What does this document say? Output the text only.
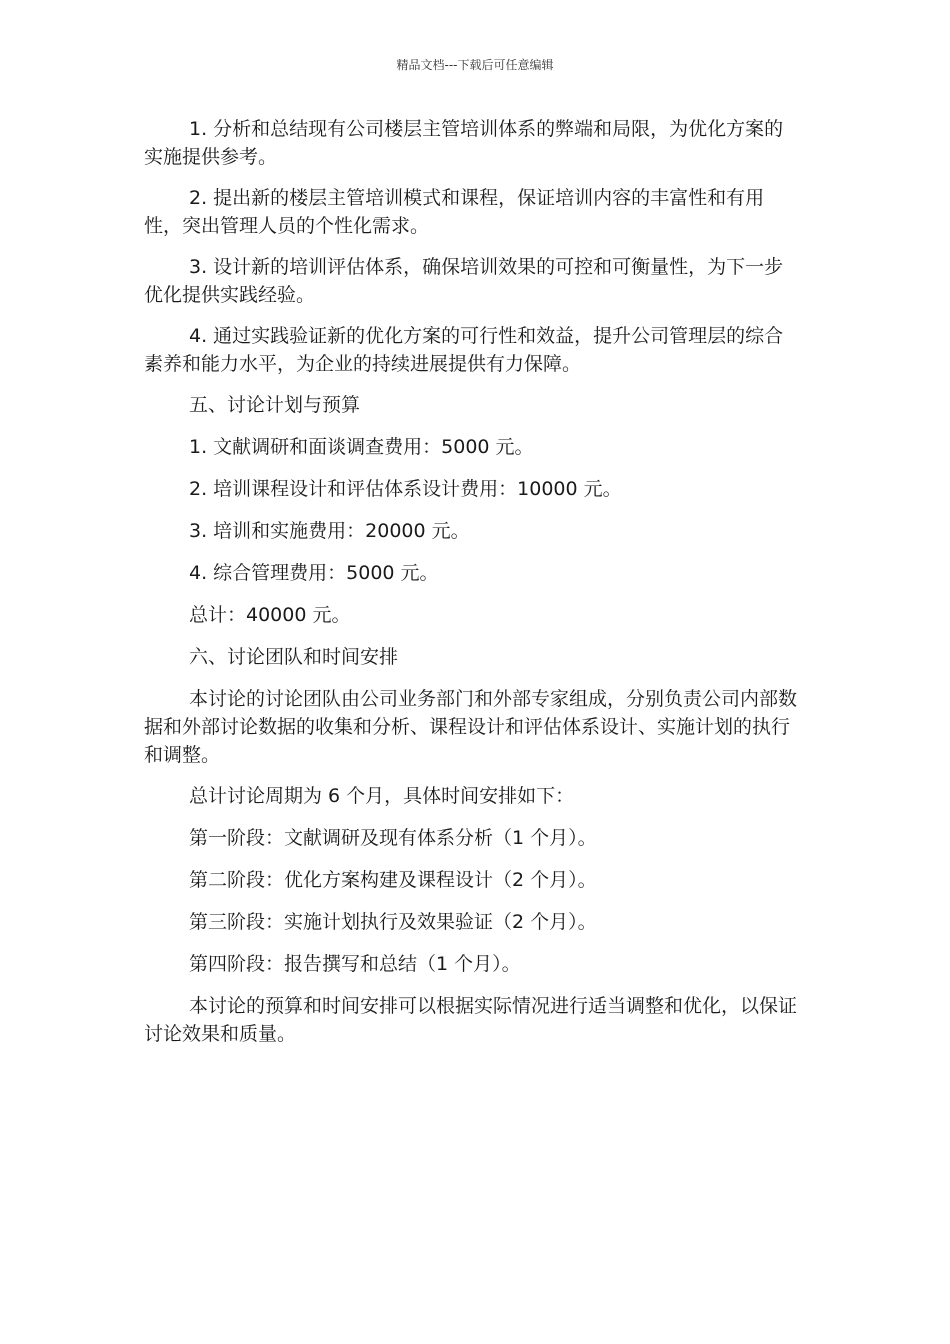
精品文档---下载后可任意编辑

1. 分析和总结现有公司楼层主管培训体系的弊端和局限，为优化方案的实施提供参考。

2. 提出新的楼层主管培训模式和课程，保证培训内容的丰富性和有用性，突出管理人员的个性化需求。

3. 设计新的培训评估体系，确保培训效果的可控和可衡量性，为下一步优化提供实践经验。

4. 通过实践验证新的优化方案的可行性和效益，提升公司管理层的综合素养和能力水平，为企业的持续进展提供有力保障。

五、讨论计划与预算

1. 文献调研和面谈调查费用：5000 元。

2. 培训课程设计和评估体系设计费用：10000 元。

3. 培训和实施费用：20000 元。

4. 综合管理费用：5000 元。

总计：40000 元。

六、讨论团队和时间安排

本讨论的讨论团队由公司业务部门和外部专家组成，分别负责公司内部数据和外部讨论数据的收集和分析、课程设计和评估体系设计、实施计划的执行和调整。

总计讨论周期为 6 个月，具体时间安排如下：

第一阶段：文献调研及现有体系分析（1 个月）。

第二阶段：优化方案构建及课程设计（2 个月）。

第三阶段：实施计划执行及效果验证（2 个月）。

第四阶段：报告撰写和总结（1 个月）。

本讨论的预算和时间安排可以根据实际情况进行适当调整和优化，以保证讨论效果和质量。
